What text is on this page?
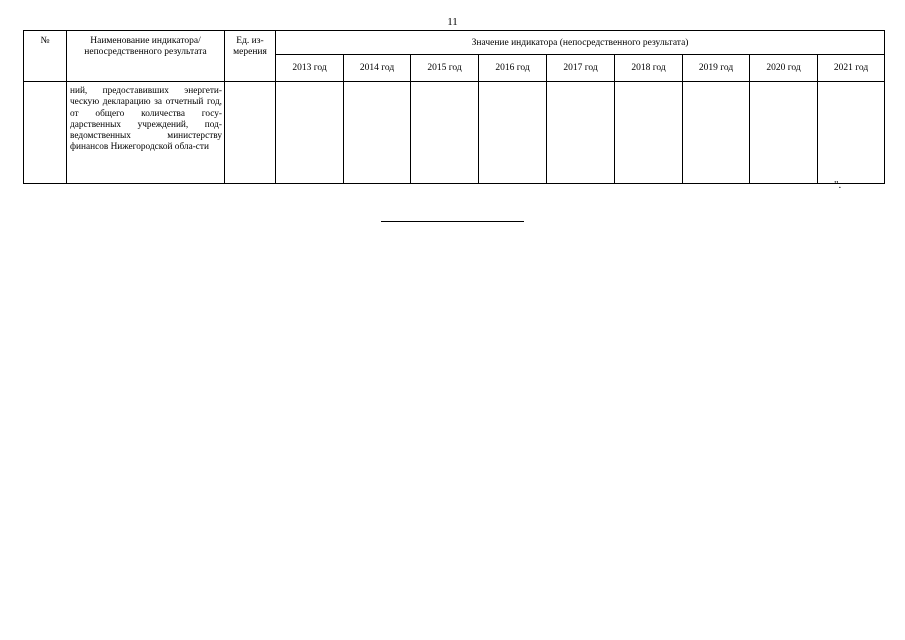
11
№	Наименование индикатора/ непосредственного результата	Ед. из-мерения	Значение индикатора (непосредственного результата)								
			2013 год	2014 год	2015 год	2016 год	2017 год	2018 год	2019 год	2020 год	2021 год
	ний, предоставивших энергети-ческую декларацию за отчетный год, от общего количества госу-дарственных учреждений, под-ведомственных министерству финансов Нижегородской обла-сти										
".
